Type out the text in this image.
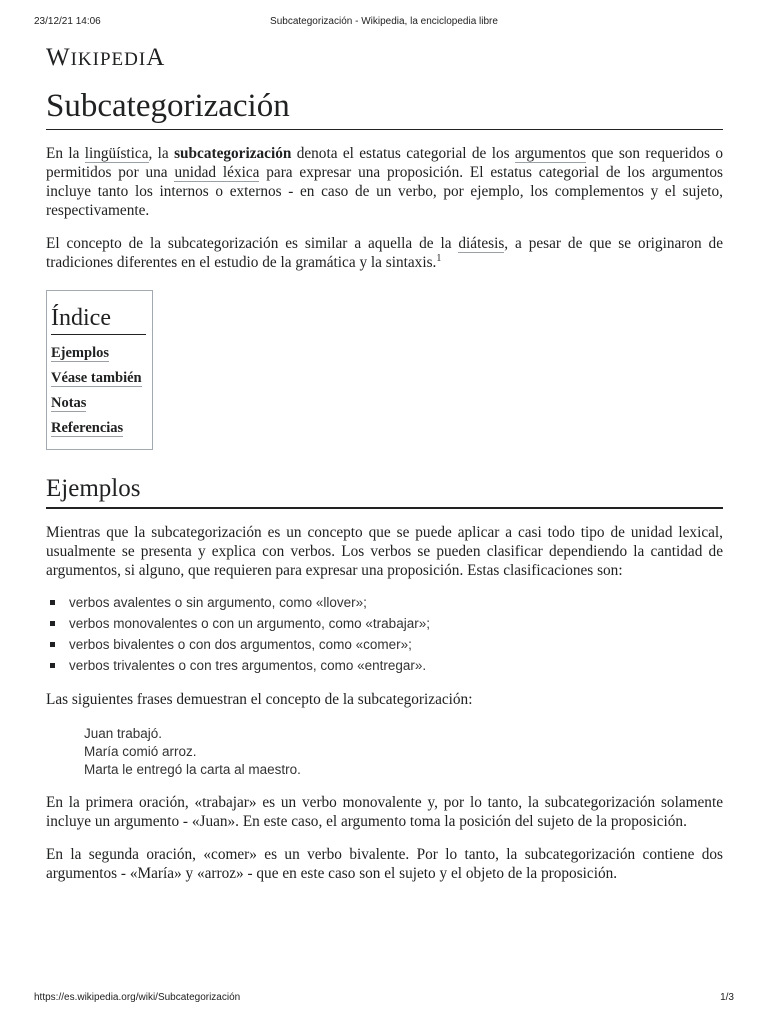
23/12/21 14:06	Subcategorización - Wikipedia, la enciclopedia libre
WIKIPEDIA
Subcategorización

En la lingüística, la subcategorización denota el estatus categorial de los argumentos que son requeridos o permitidos por una unidad léxica para expresar una proposición. El estatus categorial de los argumentos incluye tanto los internos o externos - en caso de un verbo, por ejemplo, los complementos y el sujeto, respectivamente.

El concepto de la subcategorización es similar a aquella de la diátesis, a pesar de que se originaron de tradiciones diferentes en el estudio de la gramática y la sintaxis.$^1$

Índice
Ejemplos
Véase también
Notas
Referencias
Ejemplos

Mientras que la subcategorización es un concepto que se puede aplicar a casi todo tipo de unidad lexical, usualmente se presenta y explica con verbos. Los verbos se pueden clasificar dependiendo la cantidad de argumentos, si alguno, que requieren para expresar una proposición. Estas clasificaciones son:

verbos avalentes o sin argumento, como «llover»;
verbos monovalentes o con un argumento, como «trabajar»;
verbos bivalentes o con dos argumentos, como «comer»;
verbos trivalentes o con tres argumentos, como «entregar».

Las siguientes frases demuestran el concepto de la subcategorización:

Juan trabajó.
María comió arroz.
Marta le entregó la carta al maestro.

En la primera oración, «trabajar» es un verbo monovalente y, por lo tanto, la subcategorización solamente incluye un argumento - «Juan». En este caso, el argumento toma la posición del sujeto de la proposición.

En la segunda oración, «comer» es un verbo bivalente. Por lo tanto, la subcategorización contiene dos argumentos - «María» y «arroz» - que en este caso son el sujeto y el objeto de la proposición.

https://es.wikipedia.org/wiki/Subcategorización	1/3
